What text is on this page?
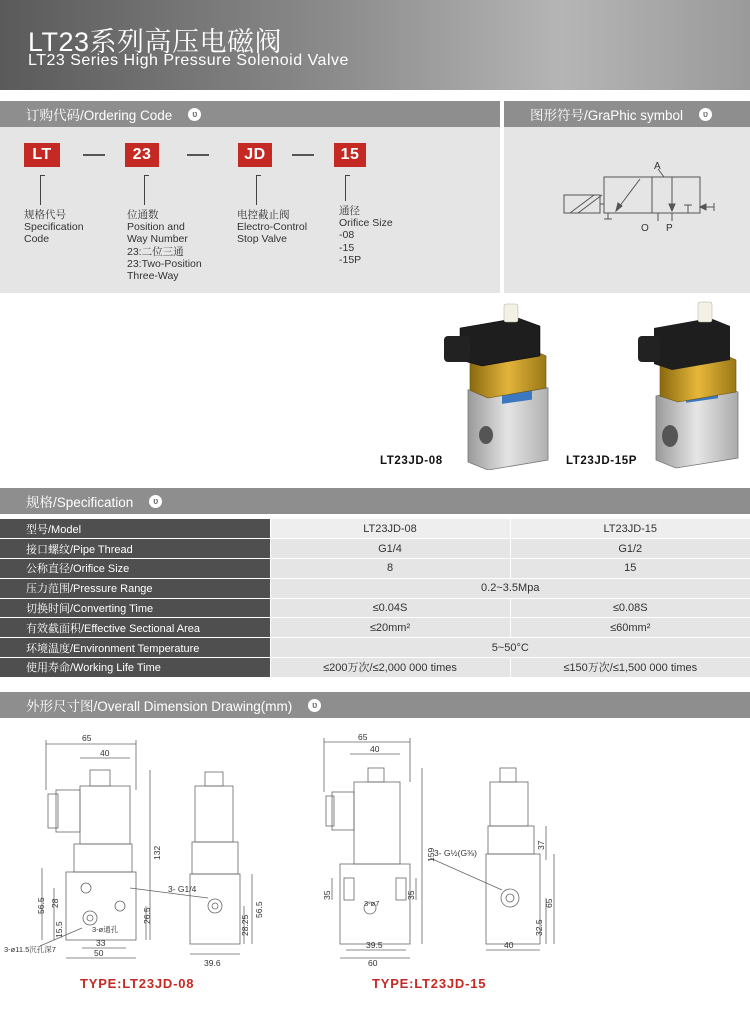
LT23系列高压电磁阀
LT23 Series High Pressure Solenoid Valve
订购代码/Ordering Code	ʋ	图形符号/GraPhic symbol	ʋ
LT	23	JD	15
规格代号
Specification
Code
位通数
Position and
Way Number
23:二位三通
23:Two-Position
Three-Way
电控截止阀
Electro-Control
Stop Valve
通径
Orifice Size
-08
-15
-15P
A
O P
LT23JD-08	LT23JD-15P
规格/Specification	ʋ
型号/Model	LT23JD-08	LT23JD-15
接口螺纹/Pipe Thread	G1/4	G1/2
公称直径/Orifice Size	8	15
压力范围/Pressure Range	0.2~3.5Mpa	
切换时间/Converting Time	≤0.04S	≤0.08S
有效截面积/Effective Sectional Area	≤20mm²	≤60mm²
环境温度/Environment Temperature	5~50°C	
使用寿命/Working Life Time	≤200万次/≤2,000 000 times	≤150万次/≤1,500 000 times
外形尺寸图/Overall Dimension Drawing(mm)	ʋ
65
40
33
50
132
56.5 28
15.5
26.5	28.25
56.5
39.6
3- G1/4
3-ø通孔
3-ø11.5沉孔深7
TYPE:LT23JD-08
65
40
159
35	35
39.5
60
37
65
32.5
40
3- G½(G⅜)
3-ø7
TYPE:LT23JD-15
